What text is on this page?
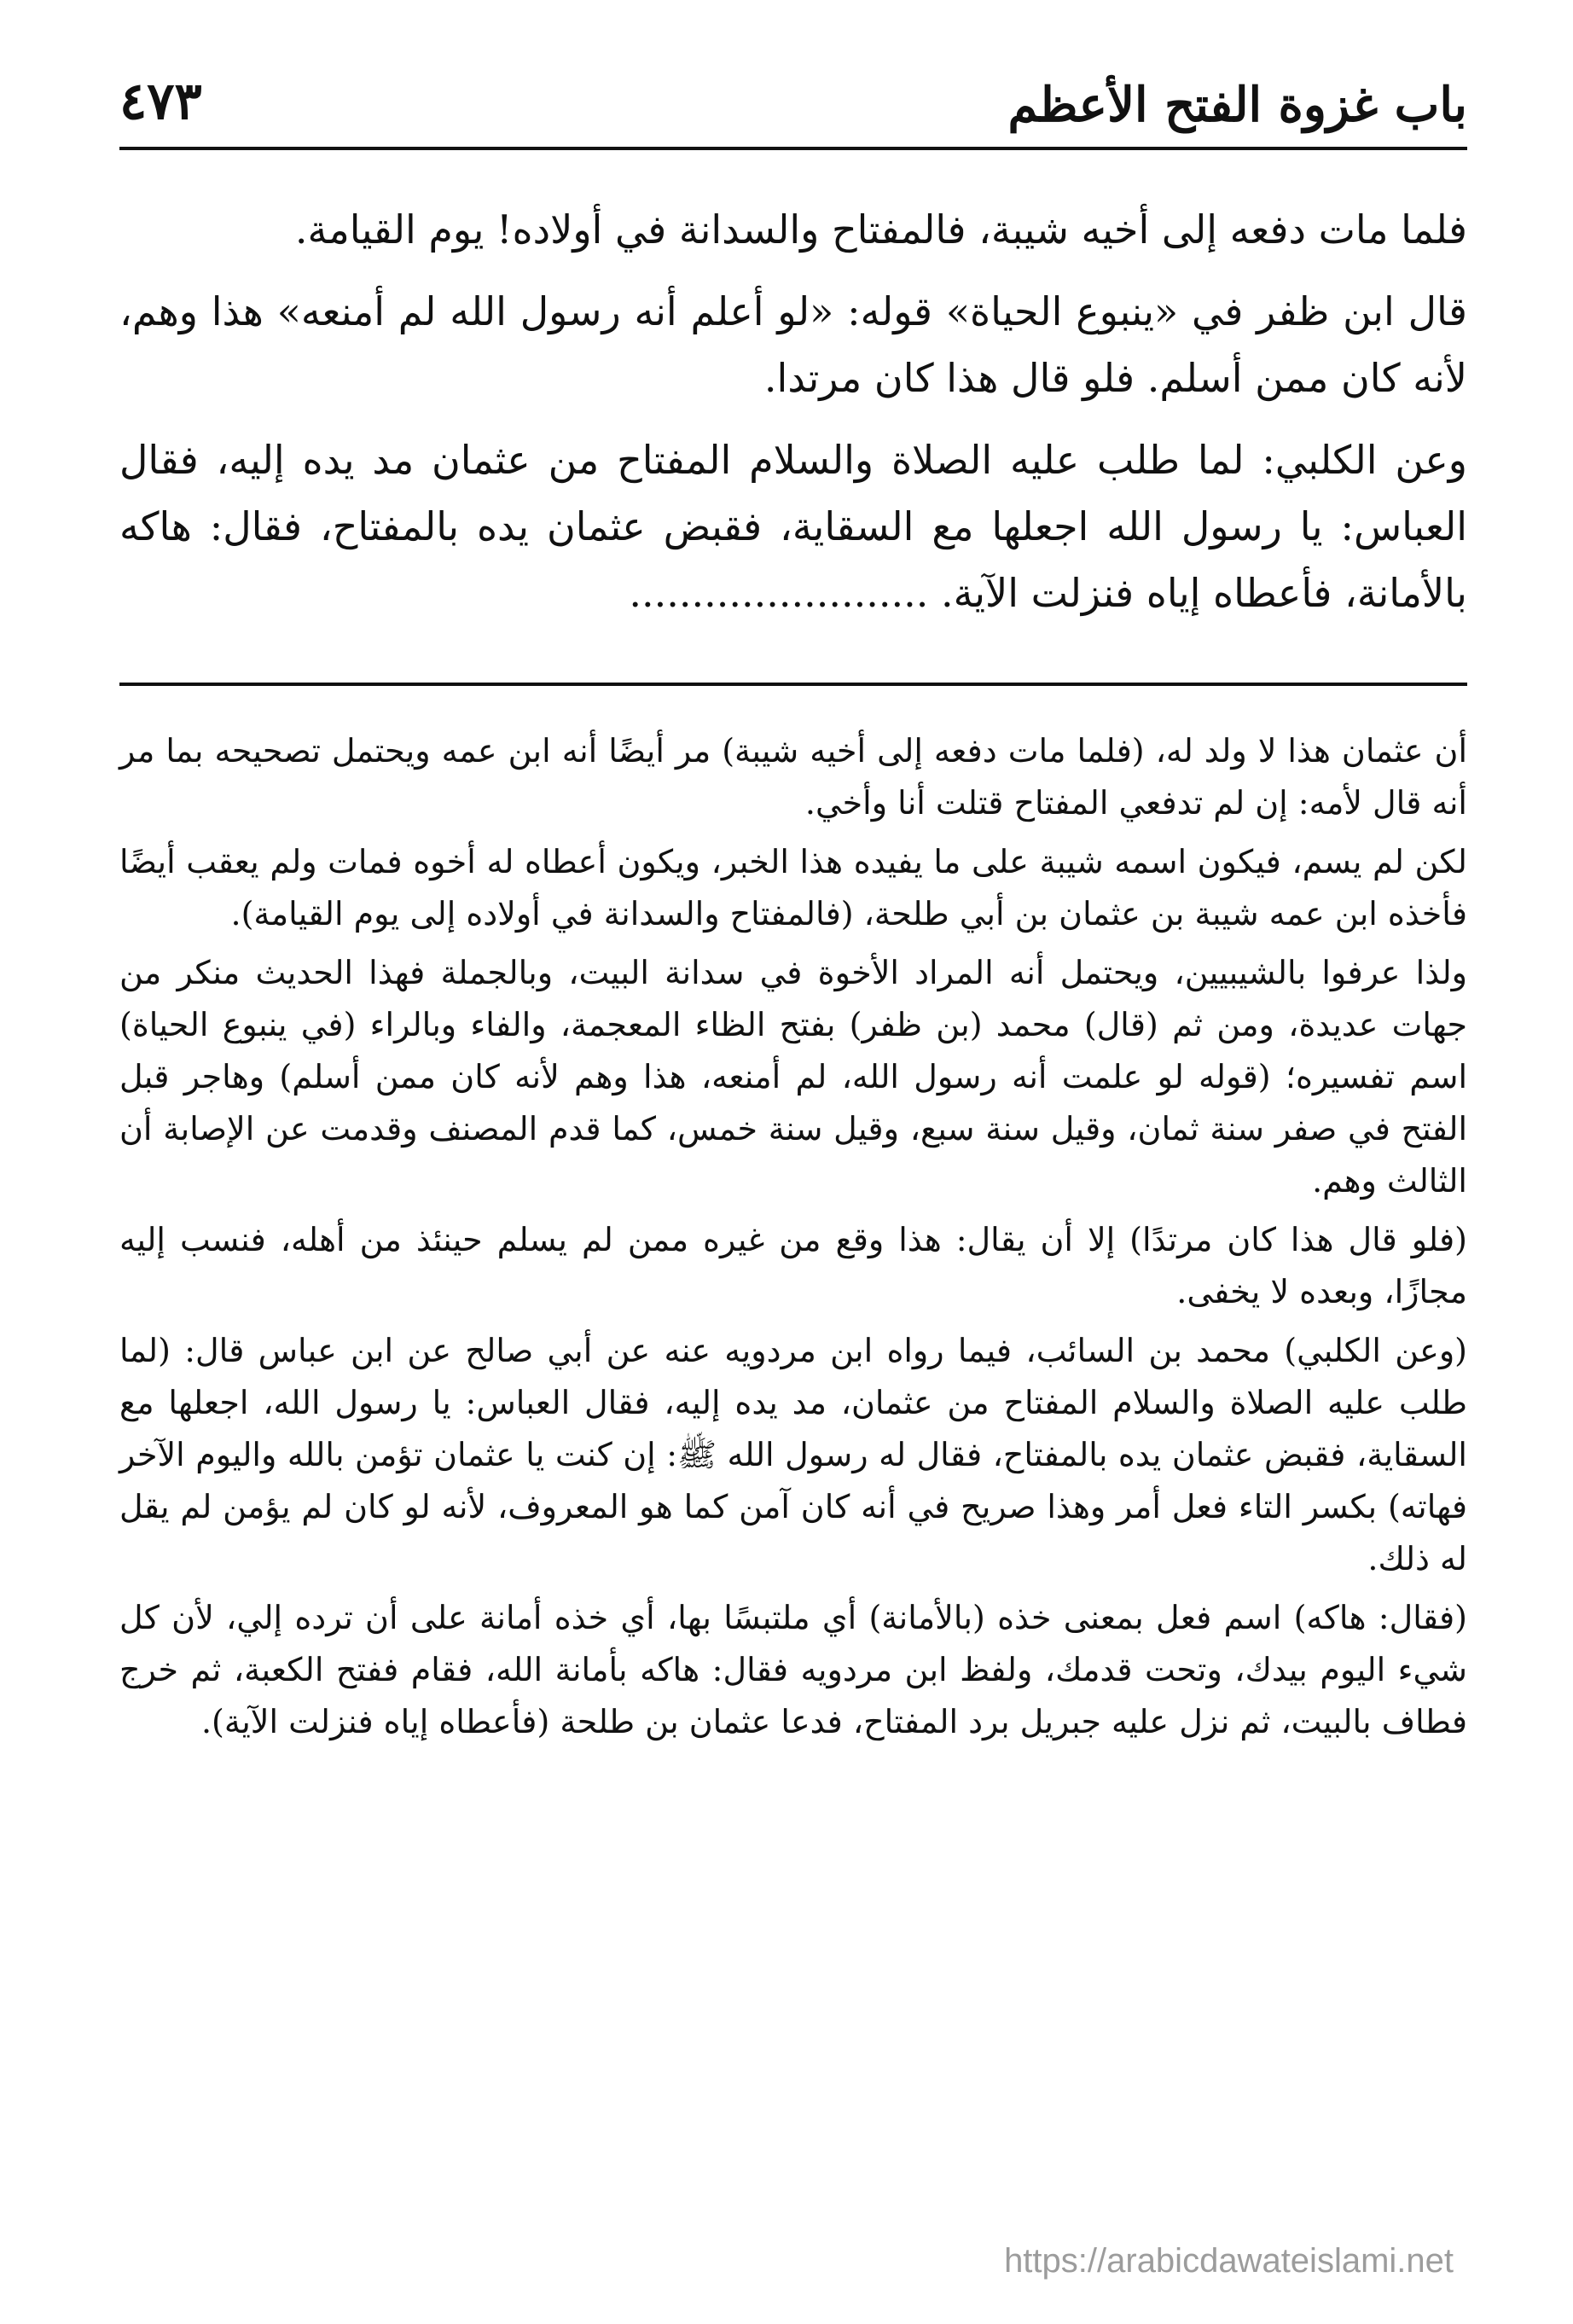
باب غزوة الفتح الأعظم
٤٧٣

فلما مات دفعه إلى أخيه شيبة، فالمفتاح والسدانة في أولاده! يوم القيامة.

قال ابن ظفر في «ينبوع الحياة» قوله: «لو أعلم أنه رسول الله لم أمنعه» هذا وهم، لأنه كان ممن أسلم. فلو قال هذا كان مرتدا.

وعن الكلبي: لما طلب عليه الصلاة والسلام المفتاح من عثمان مد يده إليه، فقال العباس: يا رسول الله اجعلها مع السقاية، فقبض عثمان يده بالمفتاح، فقال: هاكه بالأمانة، فأعطاه إياه فنزلت الآية. ........................

أن عثمان هذا لا ولد له، (فلما مات دفعه إلى أخيه شيبة) مر أيضًا أنه ابن عمه ويحتمل تصحيحه بما مر أنه قال لأمه: إن لم تدفعي المفتاح قتلت أنا وأخي.

لكن لم يسم، فيكون اسمه شيبة على ما يفيده هذا الخبر، ويكون أعطاه له أخوه فمات ولم يعقب أيضًا فأخذه ابن عمه شيبة بن عثمان بن أبي طلحة، (فالمفتاح والسدانة في أولاده إلى يوم القيامة).

ولذا عرفوا بالشيبيين، ويحتمل أنه المراد الأخوة في سدانة البيت، وبالجملة فهذا الحديث منكر من جهات عديدة، ومن ثم (قال) محمد (بن ظفر) بفتح الظاء المعجمة، والفاء وبالراء (في ينبوع الحياة) اسم تفسيره؛ (قوله لو علمت أنه رسول الله، لم أمنعه، هذا وهم لأنه كان ممن أسلم) وهاجر قبل الفتح في صفر سنة ثمان، وقيل سنة سبع، وقيل سنة خمس، كما قدم المصنف وقدمت عن الإصابة أن الثالث وهم.

(فلو قال هذا كان مرتدًا) إلا أن يقال: هذا وقع من غيره ممن لم يسلم حينئذ من أهله، فنسب إليه مجازًا، وبعده لا يخفى.

(وعن الكلبي) محمد بن السائب، فيما رواه ابن مردويه عنه عن أبي صالح عن ابن عباس قال: (لما طلب عليه الصلاة والسلام المفتاح من عثمان، مد يده إليه، فقال العباس: يا رسول الله، اجعلها مع السقاية، فقبض عثمان يده بالمفتاح، فقال له رسول الله ﷺ: إن كنت يا عثمان تؤمن بالله واليوم الآخر فهاته) بكسر التاء فعل أمر وهذا صريح في أنه كان آمن كما هو المعروف، لأنه لو كان لم يؤمن لم يقل له ذلك.

(فقال: هاكه) اسم فعل بمعنى خذه (بالأمانة) أي ملتبسًا بها، أي خذه أمانة على أن ترده إلي، لأن كل شيء اليوم بيدك، وتحت قدمك، ولفظ ابن مردويه فقال: هاكه بأمانة الله، فقام ففتح الكعبة، ثم خرج فطاف بالبيت، ثم نزل عليه جبريل برد المفتاح، فدعا عثمان بن طلحة (فأعطاه إياه فنزلت الآية).

https://arabicdawateislami.net
